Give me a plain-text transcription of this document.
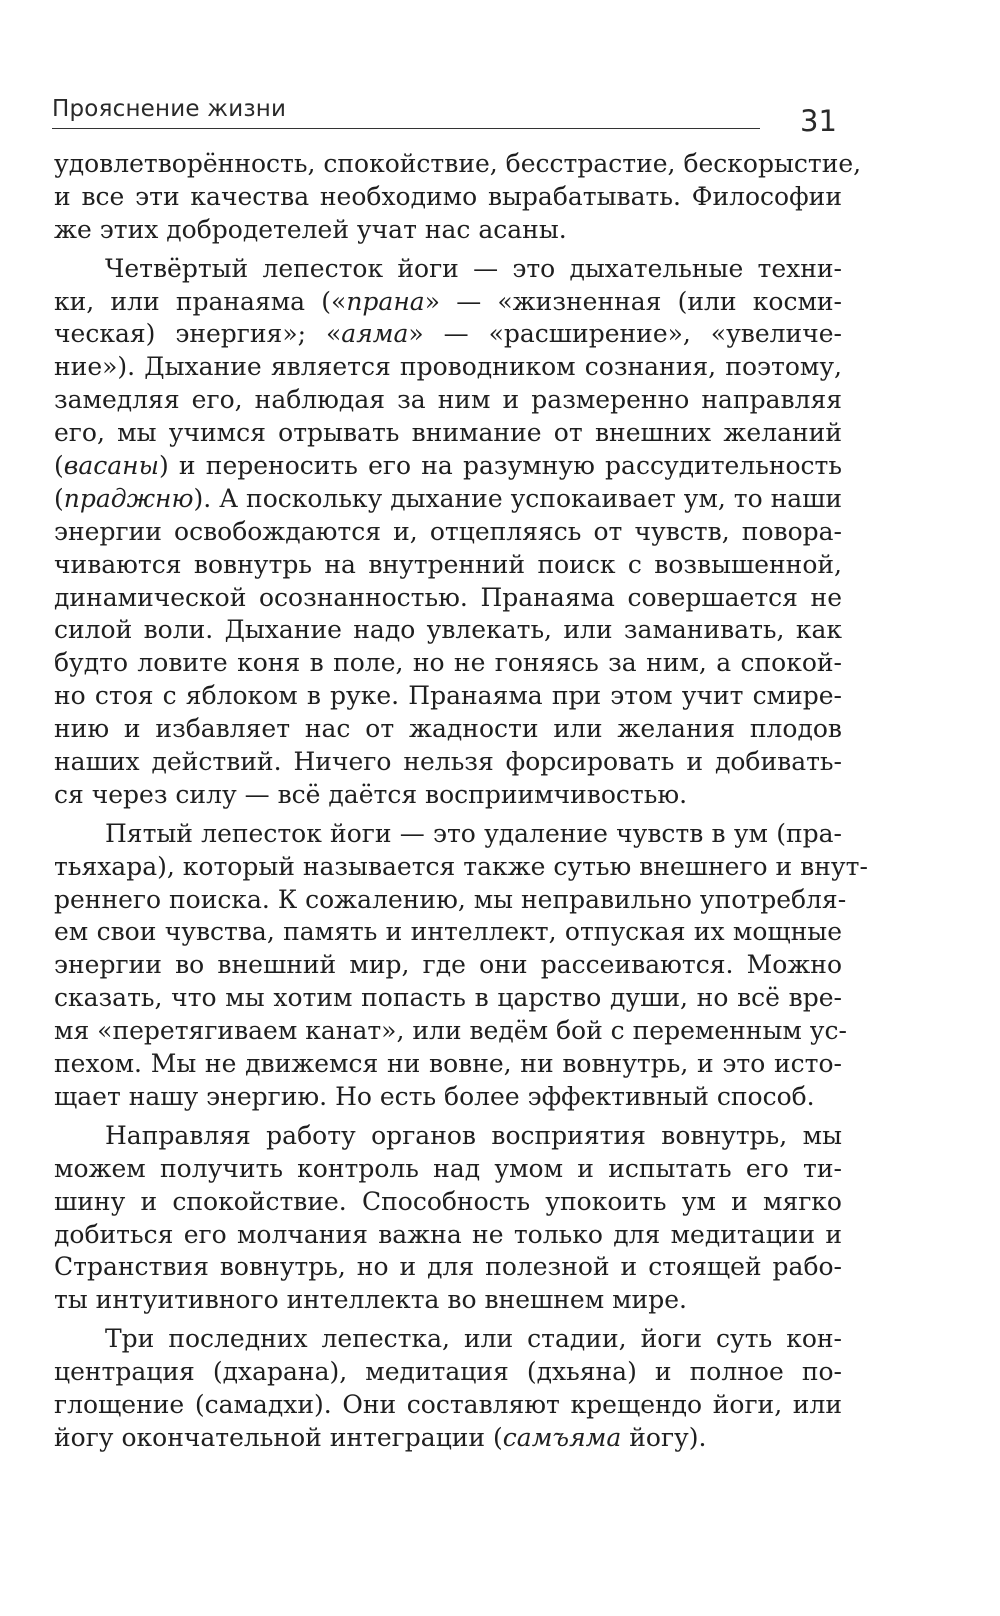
Прояснение жизни	31

удовлетворённость, спокойствие, бесстрастие, бескорыстие,
и все эти качества необходимо вырабатывать. Философии
же этих добродетелей учат нас асаны.

Четвёртый лепесток йоги — это дыхательные техни-
ки, или пранаяма («прана» — «жизненная (или косми-
ческая) энергия»; «аяма» — «расширение», «увеличе-
ние»). Дыхание является проводником сознания, поэтому,
замедляя его, наблюдая за ним и размеренно направляя
его, мы учимся отрывать внимание от внешних желаний
(васаны) и переносить его на разумную рассудительность
(праджню). А поскольку дыхание успокаивает ум, то наши
энергии освобождаются и, отцепляясь от чувств, повора-
чиваются вовнутрь на внутренний поиск с возвышенной,
динамической осознанностью. Пранаяма совершается не
силой воли. Дыхание надо увлекать, или заманивать, как
будто ловите коня в поле, но не гоняясь за ним, а спокой-
но стоя с яблоком в руке. Пранаяма при этом учит смире-
нию и избавляет нас от жадности или желания плодов
наших действий. Ничего нельзя форсировать и добивать-
ся через силу — всё даётся восприимчивостью.

Пятый лепесток йоги — это удаление чувств в ум (пра-
тьяхара), который называется также сутью внешнего и внут-
реннего поиска. К сожалению, мы неправильно употребля-
ем свои чувства, память и интеллект, отпуская их мощные
энергии во внешний мир, где они рассеиваются. Можно
сказать, что мы хотим попасть в царство души, но всё вре-
мя «перетягиваем канат», или ведём бой с переменным ус-
пехом. Мы не движемся ни вовне, ни вовнутрь, и это исто-
щает нашу энергию. Но есть более эффективный способ.

Направляя работу органов восприятия вовнутрь, мы
можем получить контроль над умом и испытать его ти-
шину и спокойствие. Способность упокоить ум и мягко
добиться его молчания важна не только для медитации и
Странствия вовнутрь, но и для полезной и стоящей рабо-
ты интуитивного интеллекта во внешнем мире.

Три последних лепестка, или стадии, йоги суть кон-
центрация (дхарана), медитация (дхьяна) и полное по-
глощение (самадхи). Они составляют крещендо йоги, или
йогу окончательной интеграции (самъяма йогу).
